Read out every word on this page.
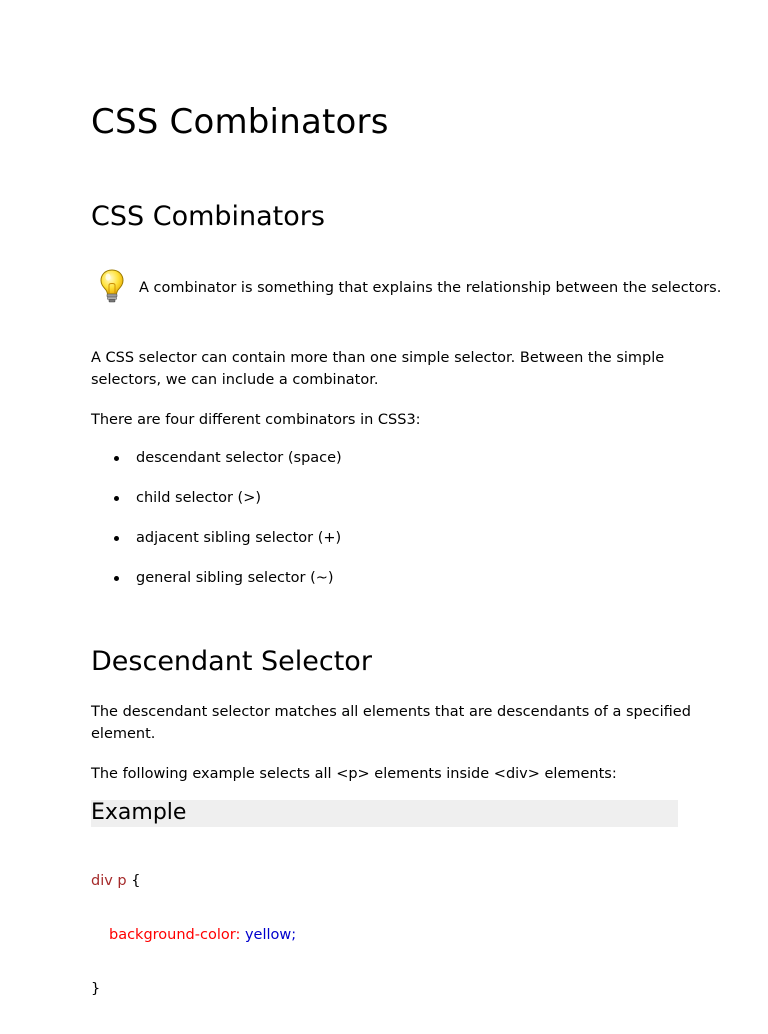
CSS Combinators
CSS Combinators
A combinator is something that explains the relationship between the selectors.

A CSS selector can contain more than one simple selector. Between the simple selectors, we can include a combinator.

There are four different combinators in CSS3:

descendant selector (space)
child selector (>)
adjacent sibling selector (+)
general sibling selector (~)
Descendant Selector

The descendant selector matches all elements that are descendants of a specified element.

The following example selects all <p> elements inside <div> elements:

Example

div p {

background-color: yellow;

}
